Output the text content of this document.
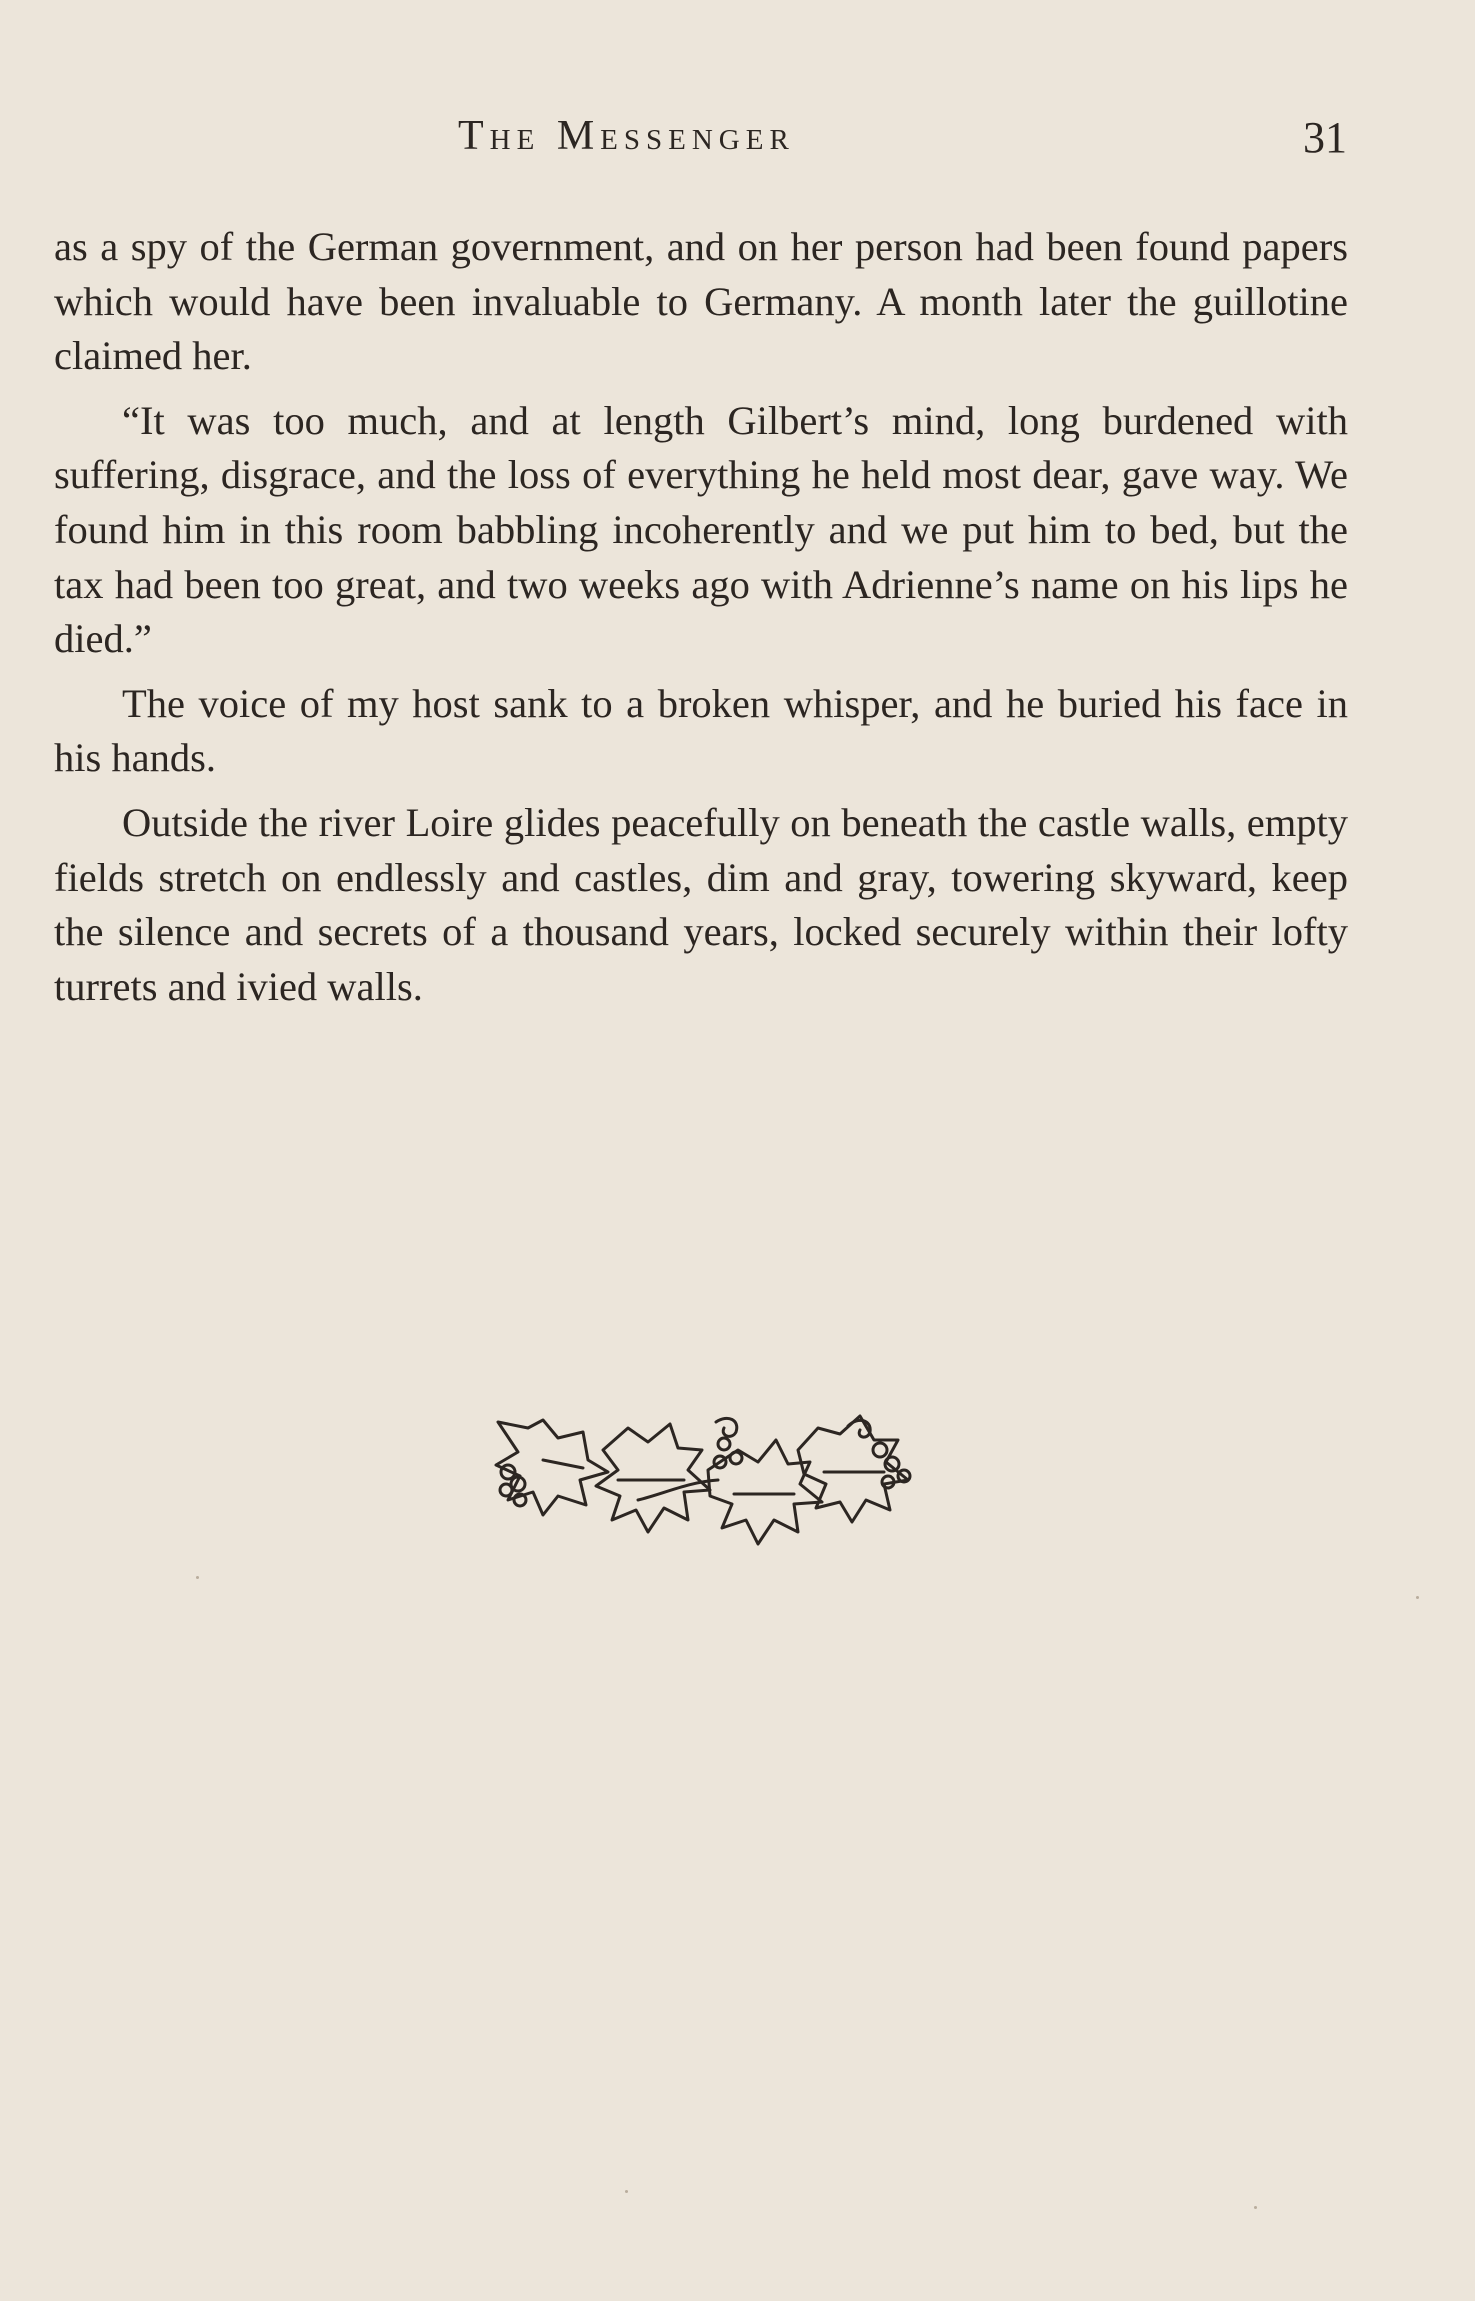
The Messenger	31

as a spy of the German government, and on her person had been found papers which would have been invaluable to Germany. A month later the guillotine claimed her.

“It was too much, and at length Gilbert’s mind, long burdened with suffering, disgrace, and the loss of everything he held most dear, gave way. We found him in this room babbling incoherently and we put him to bed, but the tax had been too great, and two weeks ago with Adrienne’s name on his lips he died.”

The voice of my host sank to a broken whisper, and he buried his face in his hands.

Outside the river Loire glides peacefully on beneath the castle walls, empty fields stretch on endlessly and castles, dim and gray, towering skyward, keep the silence and secrets of a thousand years, locked securely within their lofty turrets and ivied walls.
